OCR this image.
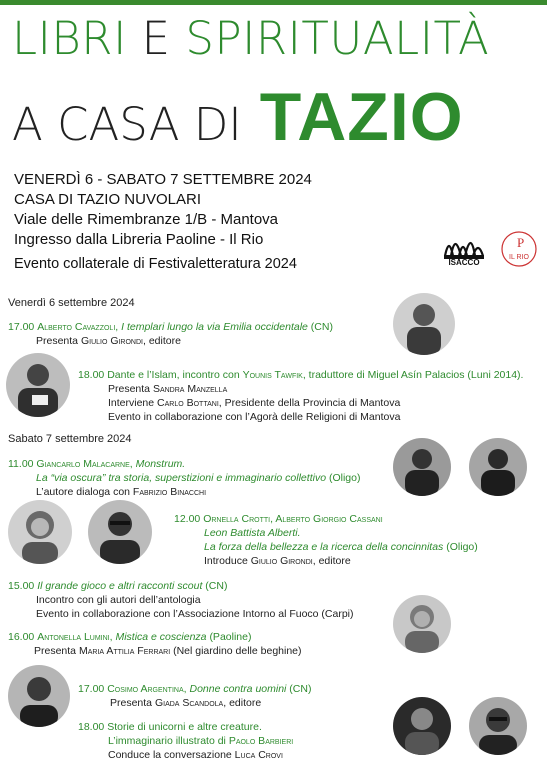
LIBRI E SPIRITUALITÀ
A CASA DI TAZIO
VENERDÌ 6 - SABATO 7 SETTEMBRE 2024
CASA DI TAZIO NUVOLARI
Viale delle Rimembranze 1/B - Mantova
Ingresso dalla Libreria Paoline - Il Rio
Evento collaterale di Festivaletteratura 2024	ISACCO
P
IL RIO
Venerdì 6 settembre 2024
17.00 Alberto Cavazzoli, I templari lungo la via Emilia occidentale (CN)
Presenta Giulio Girondi, editore
18.00 Dante e l’Islam, incontro con Younis Tawfik, traduttore di Miguel Asín Palacios (Luni 2014).
Presenta Sandra Manzella
Interviene Carlo Bottani, Presidente della Provincia di Mantova
Evento in collaborazione con l’Agorà delle Religioni di Mantova
Sabato 7 settembre 2024
11.00 Giancarlo Malacarne, Monstrum.
La “via oscura” tra storia, superstizioni e immaginario collettivo (Oligo)
L’autore dialoga con Fabrizio Binacchi
12.00 Ornella Crotti, Alberto Giorgio Cassani
Leon Battista Alberti.
La forza della bellezza e la ricerca della concinnitas (Oligo)
Introduce Giulio Girondi, editore
15.00 Il grande gioco e altri racconti scout (CN)
Incontro con gli autori dell’antologia
Evento in collaborazione con l’Associazione Intorno al Fuoco (Carpi)
16.00 Antonella Lumini, Mistica e coscienza (Paoline)
Presenta Maria Attilia Ferrari (Nel giardino delle beghine)
17.00 Cosimo Argentina, Donne contra uomini (CN)
Presenta Giada Scandola, editore
18.00 Storie di unicorni e altre creature.
L’immaginario illustrato di Paolo Barbieri
Conduce la conversazione Luca Crovi
